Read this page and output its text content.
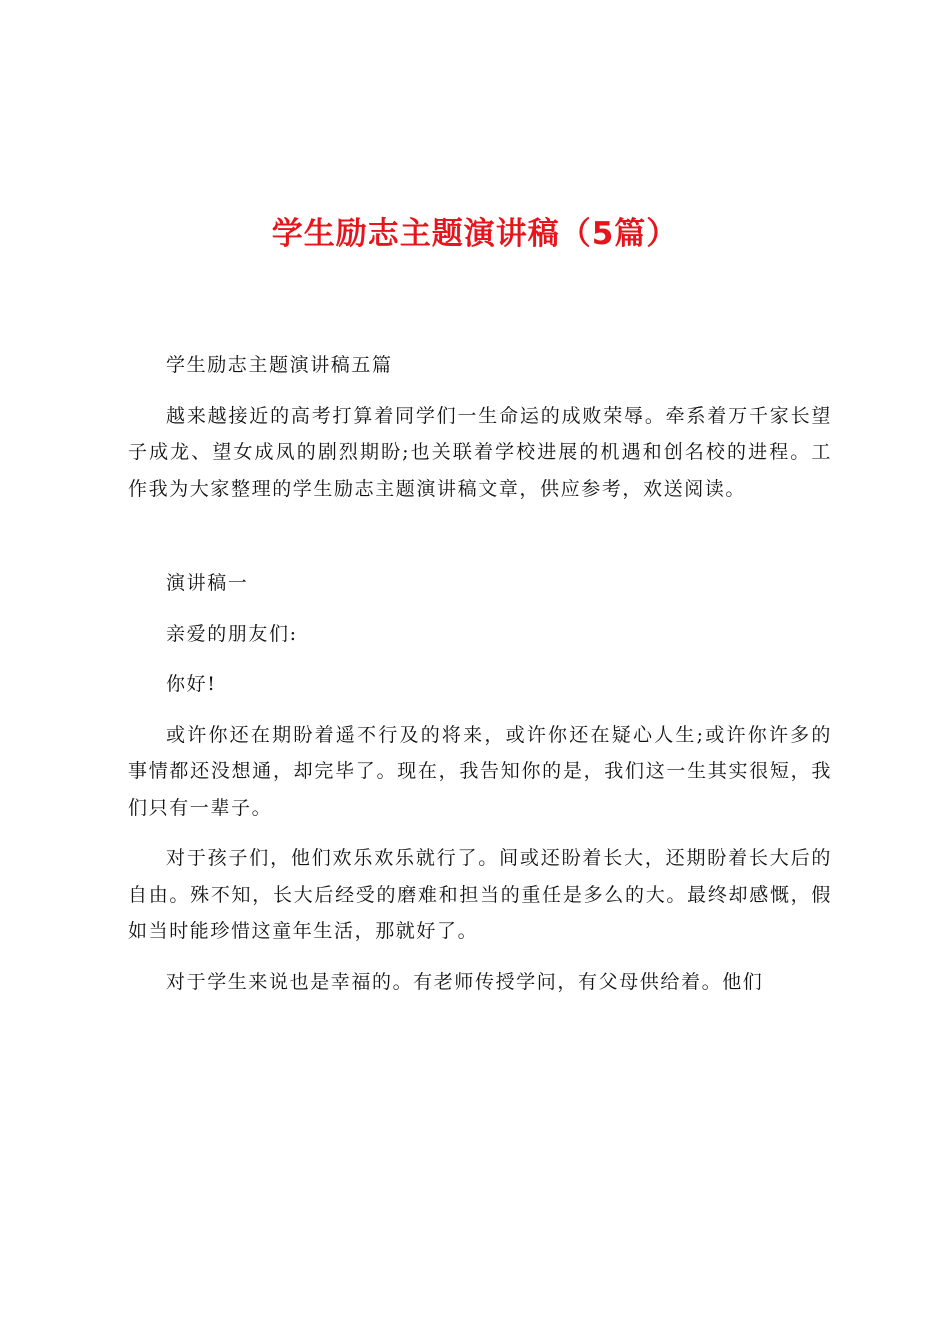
学生励志主题演讲稿（5篇）

学生励志主题演讲稿五篇

越来越接近的高考打算着同学们一生命运的成败荣辱。牵系着万千家长望子成龙、望女成凤的剧烈期盼;也关联着学校进展的机遇和创名校的进程。工作我为大家整理的学生励志主题演讲稿文章，供应参考，欢送阅读。

演讲稿一

亲爱的朋友们:

你好!

或许你还在期盼着遥不行及的将来，或许你还在疑心人生;或许你许多的事情都还没想通，却完毕了。现在，我告知你的是，我们这一生其实很短，我们只有一辈子。

对于孩子们，他们欢乐欢乐就行了。间或还盼着长大，还期盼着长大后的自由。殊不知，长大后经受的磨难和担当的重任是多么的大。最终却感慨，假如当时能珍惜这童年生活，那就好了。

对于学生来说也是幸福的。有老师传授学问，有父母供给着。他们
